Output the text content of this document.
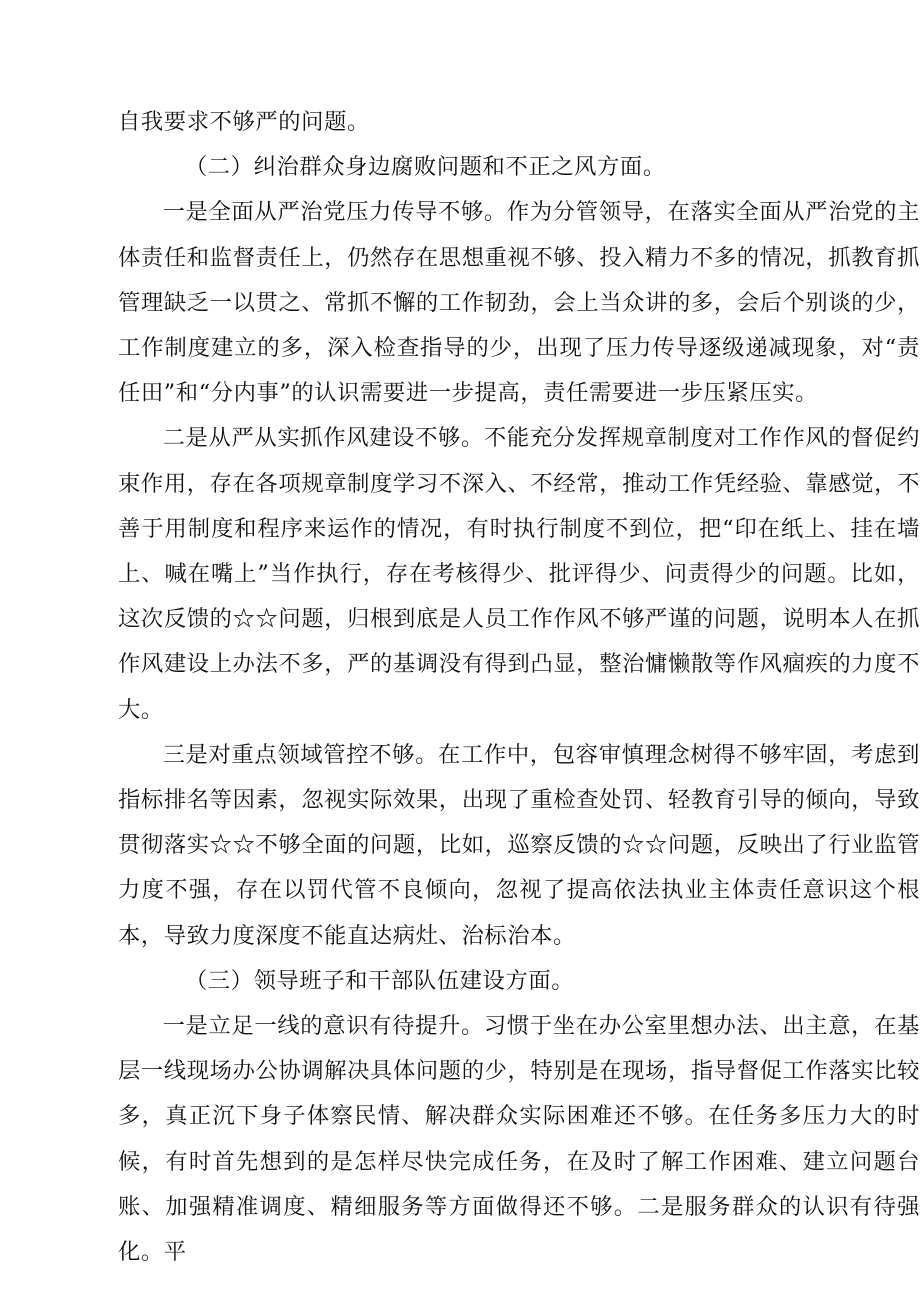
自我要求不够严的问题。

（二）纠治群众身边腐败问题和不正之风方面。

一是全面从严治党压力传导不够。作为分管领导，在落实全面从严治党的主体责任和监督责任上，仍然存在思想重视不够、投入精力不多的情况，抓教育抓管理缺乏一以贯之、常抓不懈的工作韧劲，会上当众讲的多，会后个别谈的少，工作制度建立的多，深入检查指导的少，出现了压力传导逐级递减现象，对“责任田”和“分内事”的认识需要进一步提高，责任需要进一步压紧压实。

二是从严从实抓作风建设不够。不能充分发挥规章制度对工作作风的督促约束作用，存在各项规章制度学习不深入、不经常，推动工作凭经验、靠感觉，不善于用制度和程序来运作的情况，有时执行制度不到位，把“印在纸上、挂在墙上、喊在嘴上”当作执行，存在考核得少、批评得少、问责得少的问题。比如，这次反馈的☆☆问题，归根到底是人员工作作风不够严谨的问题，说明本人在抓作风建设上办法不多，严的基调没有得到凸显，整治慵懒散等作风痼疾的力度不大。

三是对重点领域管控不够。在工作中，包容审慎理念树得不够牢固，考虑到指标排名等因素，忽视实际效果，出现了重检查处罚、轻教育引导的倾向，导致贯彻落实☆☆不够全面的问题，比如，巡察反馈的☆☆问题，反映出了行业监管力度不强，存在以罚代管不良倾向，忽视了提高依法执业主体责任意识这个根本，导致力度深度不能直达病灶、治标治本。

（三）领导班子和干部队伍建设方面。

一是立足一线的意识有待提升。习惯于坐在办公室里想办法、出主意，在基层一线现场办公协调解决具体问题的少，特别是在现场，指导督促工作落实比较多，真正沉下身子体察民情、解决群众实际困难还不够。在任务多压力大的时候，有时首先想到的是怎样尽快完成任务，在及时了解工作困难、建立问题台账、加强精准调度、精细服务等方面做得还不够。二是服务群众的认识有待强化。平
